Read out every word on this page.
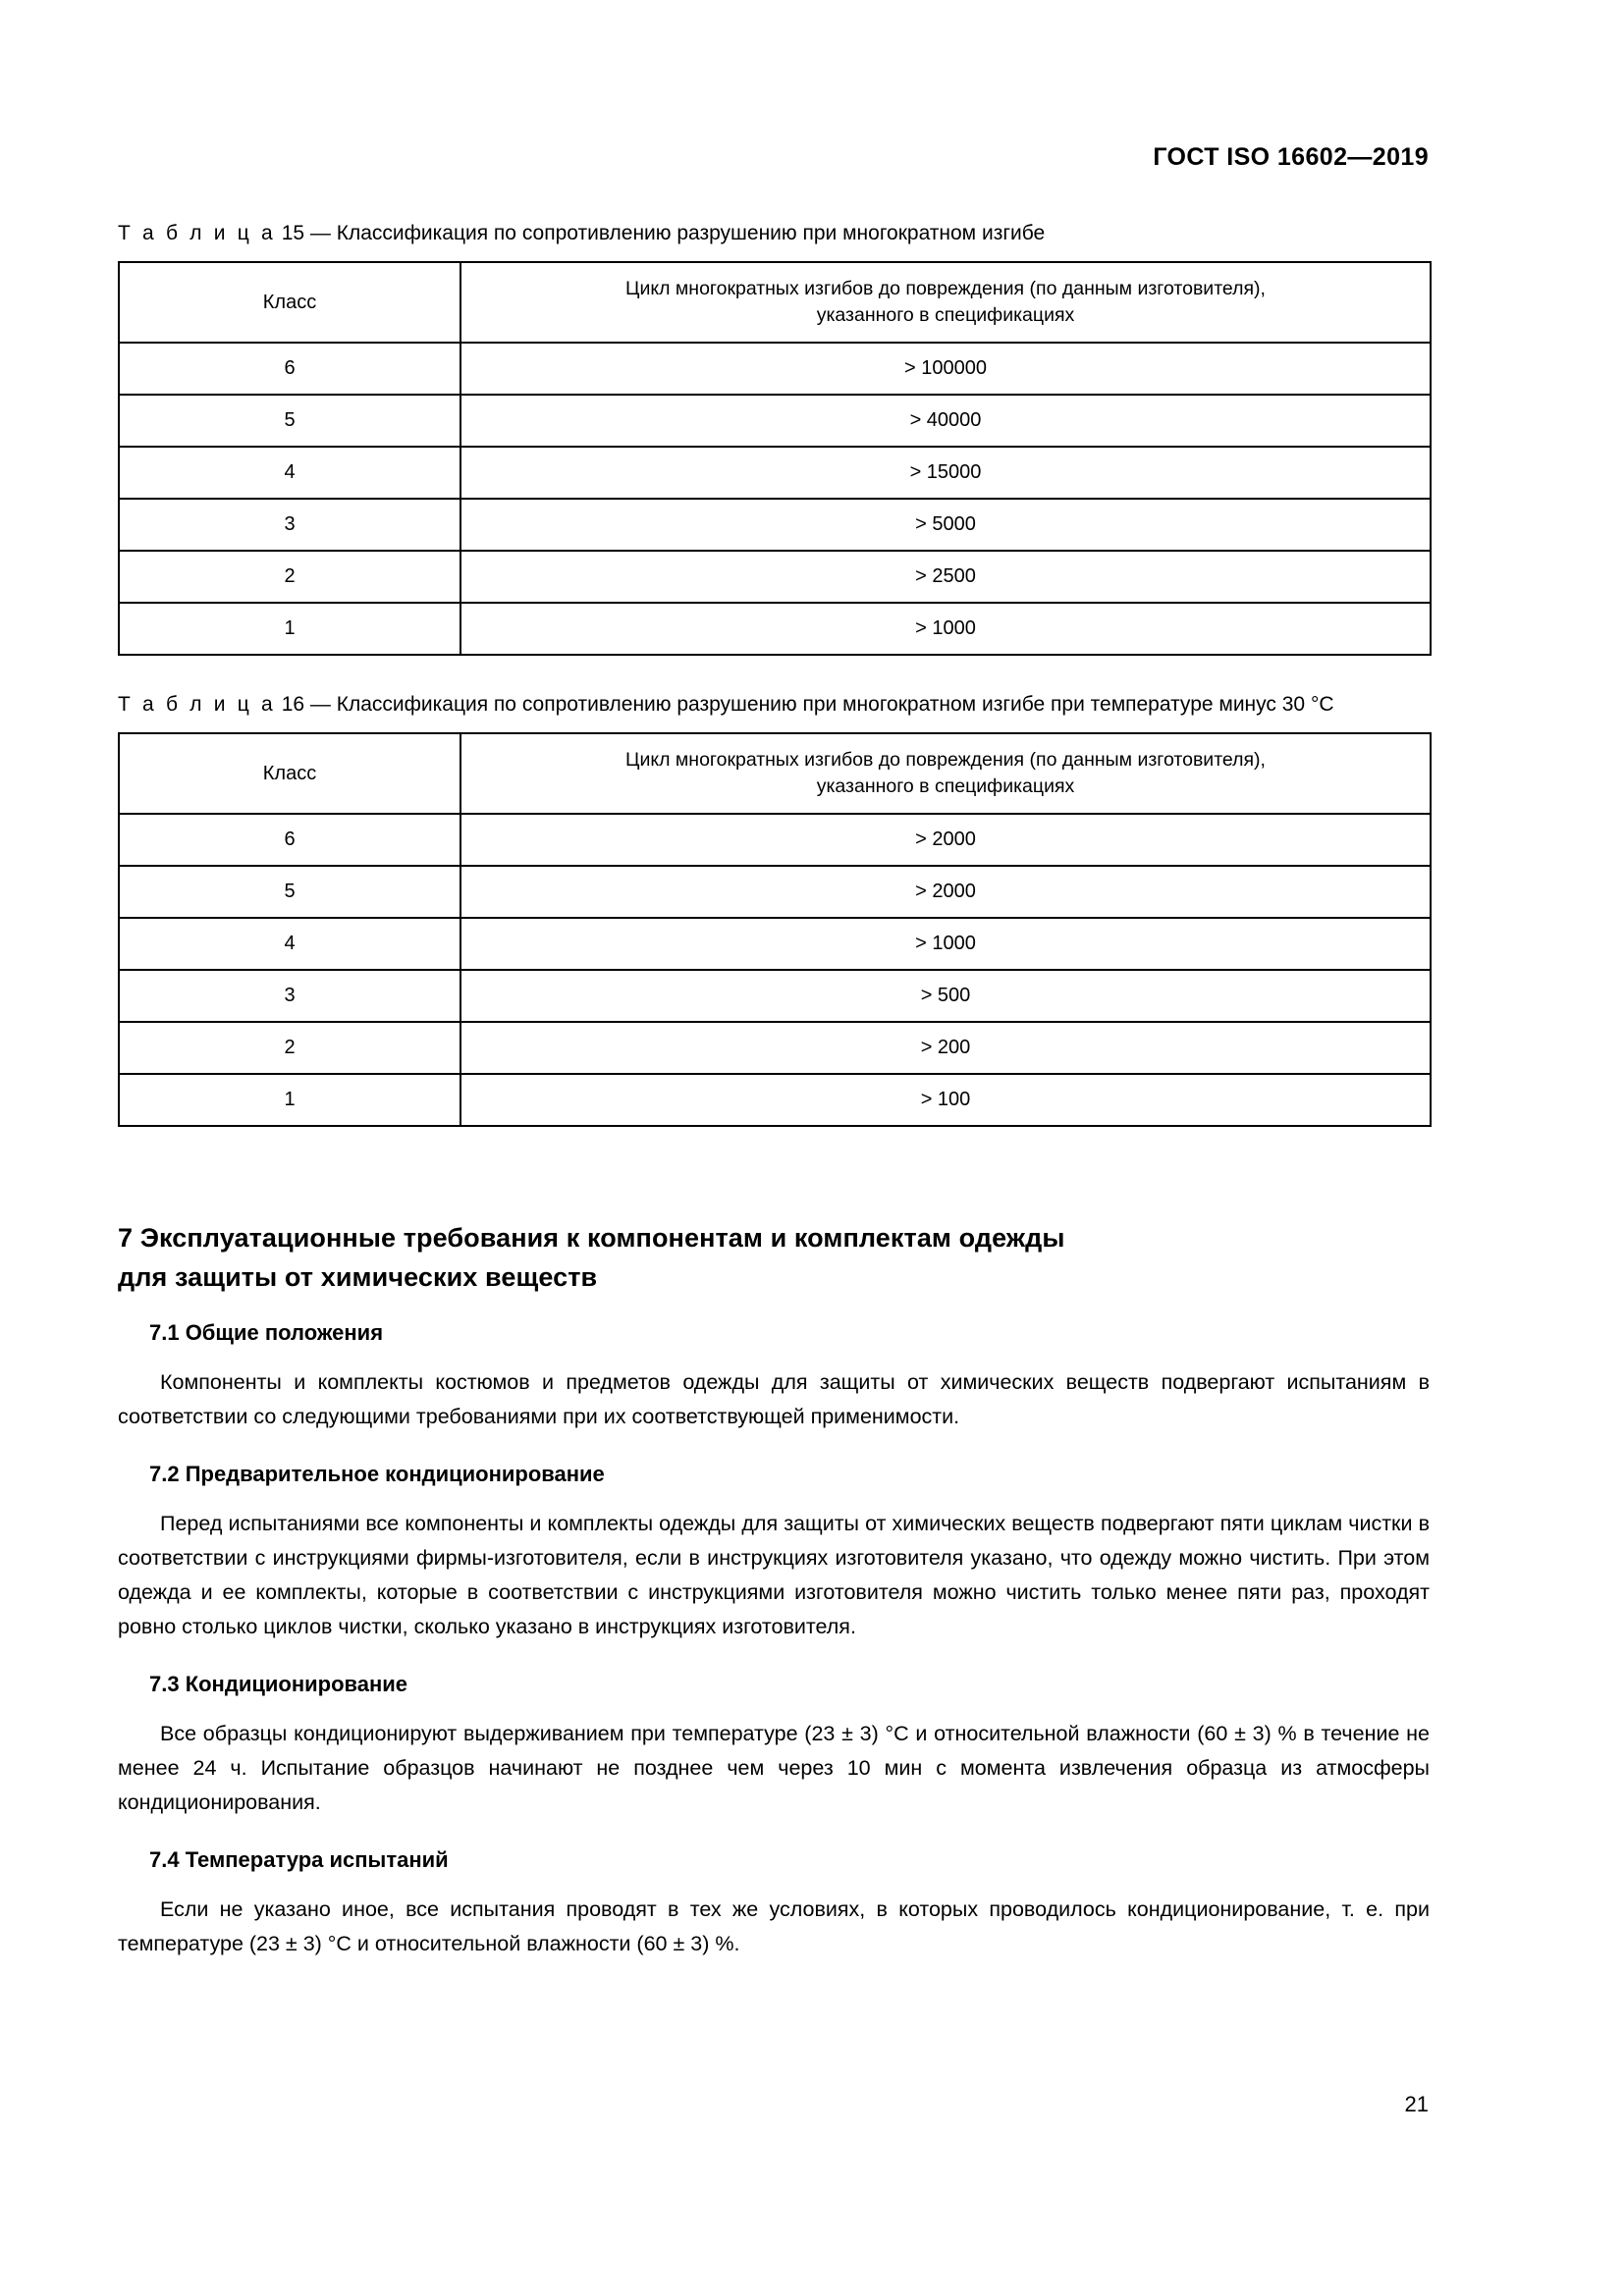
ГОСТ ISO 16602—2019

Т а б л и ц а 15 — Классификация по сопротивлению разрушению при многократном изгибе

Класс	Цикл многократных изгибов до повреждения (по данным изготовителя),
указанного в спецификациях
6	> 100000
5	> 40000
4	> 15000
3	> 5000
2	> 2500
1	> 1000

Т а б л и ц а 16 — Классификация по сопротивлению разрушению при многократном изгибе при температуре минус 30 °C

Класс	Цикл многократных изгибов до повреждения (по данным изготовителя),
указанного в спецификациях
6	> 2000
5	> 2000
4	> 1000
3	> 500
2	> 200
1	> 100
7 Эксплуатационные требования к компонентам и комплектам одежды
для защиты от химических веществ
7.1 Общие положения

Компоненты и комплекты костюмов и предметов одежды для защиты от химических веществ подвергают испытаниям в соответствии со следующими требованиями при их соответствующей применимости.

7.2 Предварительное кондиционирование

Перед испытаниями все компоненты и комплекты одежды для защиты от химических веществ подвергают пяти циклам чистки в соответствии с инструкциями фирмы-изготовителя, если в инструкциях изготовителя указано, что одежду можно чистить. При этом одежда и ее комплекты, которые в соответствии с инструкциями изготовителя можно чистить только менее пяти раз, проходят ровно столько циклов чистки, сколько указано в инструкциях изготовителя.

7.3 Кондиционирование

Все образцы кондиционируют выдерживанием при температуре (23 ± 3) °C и относительной влажности (60 ± 3) % в течение не менее 24 ч. Испытание образцов начинают не позднее чем через 10 мин с момента извлечения образца из атмосферы кондиционирования.

7.4 Температура испытаний

Если не указано иное, все испытания проводят в тех же условиях, в которых проводилось кондиционирование, т. е. при температуре (23 ± 3) °C и относительной влажности (60 ± 3) %.

21
